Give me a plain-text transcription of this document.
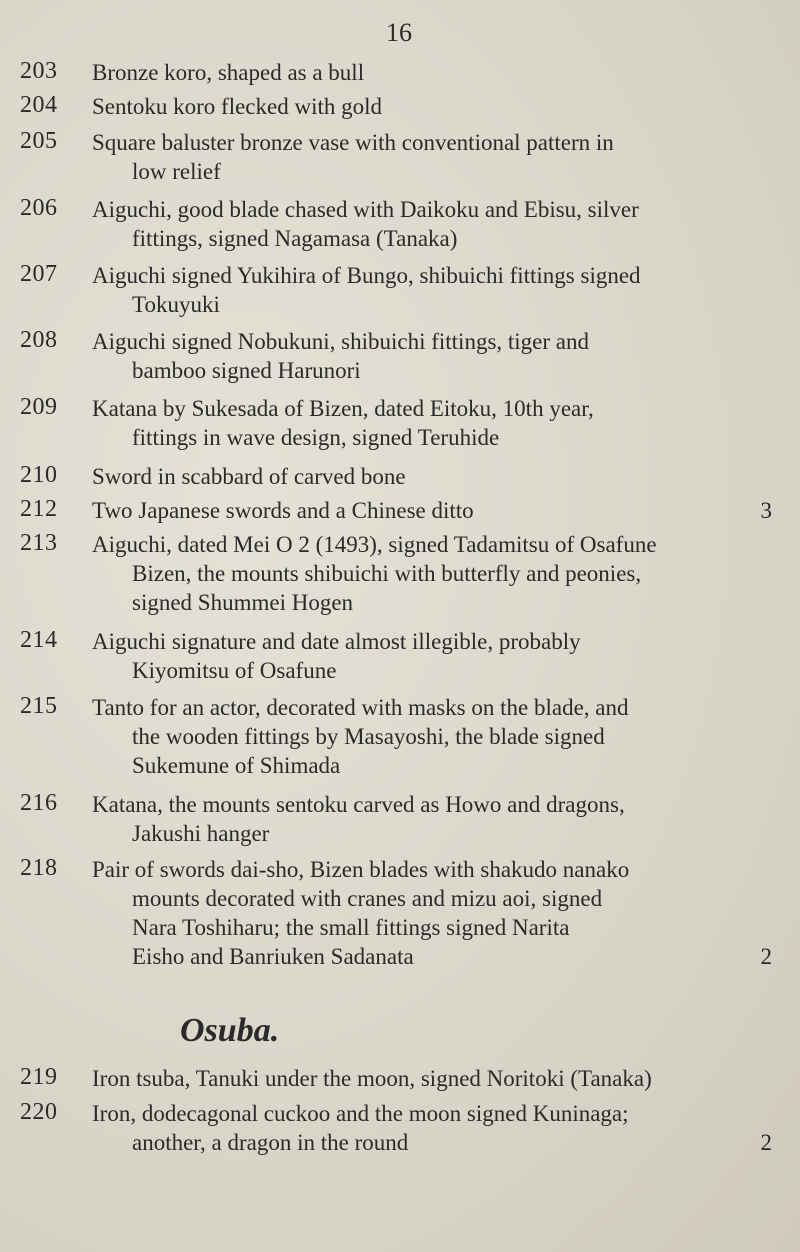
16
203	Bronze koro, shaped as a bull
204	Sentoku koro flecked with gold
205	Square baluster bronze vase with conventional pattern in
low relief
206	Aiguchi, good blade chased with Daikoku and Ebisu, silver
fittings, signed Nagamasa (Tanaka)
207	Aiguchi signed Yukihira of Bungo, shibuichi fittings signed
Tokuyuki
208	Aiguchi signed Nobukuni, shibuichi fittings, tiger and
bamboo signed Harunori
209	Katana by Sukesada of Bizen, dated Eitoku, 10th year,
fittings in wave design, signed Teruhide
210	Sword in scabbard of carved bone
212	Two Japanese swords and a Chinese ditto	3
213	Aiguchi, dated Mei O 2 (1493), signed Tadamitsu of Osafune
Bizen, the mounts shibuichi with butterfly and peonies,
signed Shummei Hogen
214	Aiguchi signature and date almost illegible, probably
Kiyomitsu of Osafune
215	Tanto for an actor, decorated with masks on the blade, and
the wooden fittings by Masayoshi, the blade signed
Sukemune of Shimada
216	Katana, the mounts sentoku carved as Howo and dragons,
Jakushi hanger
218	Pair of swords dai-sho, Bizen blades with shakudo nanako
mounts decorated with cranes and mizu aoi, signed
Nara Toshiharu; the small fittings signed Narita
Eisho and Banriuken Sadanata	2
Osuba.
219	Iron tsuba, Tanuki under the moon, signed Noritoki (Tanaka)
220	Iron, dodecagonal cuckoo and the moon signed Kuninaga;
another, a dragon in the round	2
